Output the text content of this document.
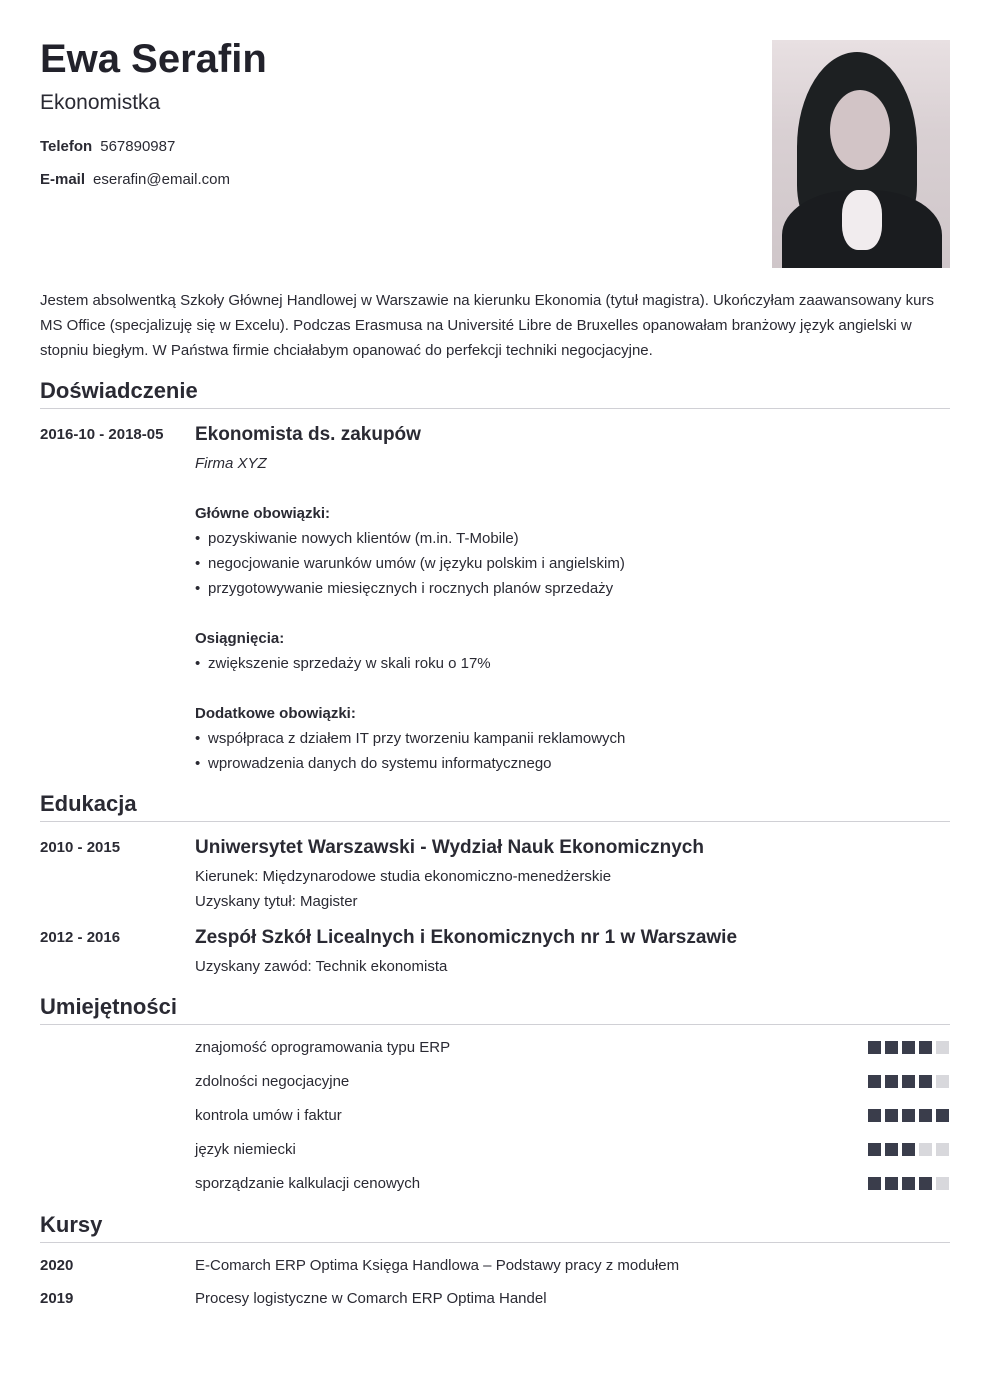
Ewa Serafin
Ekonomistka
Telefon 567890987
E-mail eserafin@email.com
Jestem absolwentką Szkoły Głównej Handlowej w Warszawie na kierunku Ekonomia (tytuł magistra). Ukończyłam zaawansowany kurs MS Office (specjalizuję się w Excelu). Podczas Erasmusa na Université Libre de Bruxelles opanowałam branżowy język angielski w stopniu biegłym. W Państwa firmie chciałabym opanować do perfekcji techniki negocjacyjne.
Doświadczenie
2016-10 - 2018-05 Ekonomista ds. zakupów
Firma XYZ
Główne obowiązki:
• pozyskiwanie nowych klientów (m.in. T-Mobile)
• negocjowanie warunków umów (w języku polskim i angielskim)
• przygotowywanie miesięcznych i rocznych planów sprzedaży
Osiągnięcia:
• zwiększenie sprzedaży w skali roku o 17%
Dodatkowe obowiązki:
• współpraca z działem IT przy tworzeniu kampanii reklamowych
• wprowadzenia danych do systemu informatycznego
Edukacja
2010 - 2015	Uniwersytet Warszawski - Wydział Nauk Ekonomicznych
Kierunek: Międzynarodowe studia ekonomiczno-menedżerskie
Uzyskany tytuł: Magister
2012 - 2016	Zespół Szkół Licealnych i Ekonomicznych nr 1 w Warszawie
Uzyskany zawód: Technik ekonomista
Umiejętności
znajomość oprogramowania typu ERP
zdolności negocjacyjne
kontrola umów i faktur
język niemiecki
sporządzanie kalkulacji cenowych
Kursy
2020	E-Comarch ERP Optima Księga Handlowa – Podstawy pracy z modułem
2019	Procesy logistyczne w Comarch ERP Optima Handel
